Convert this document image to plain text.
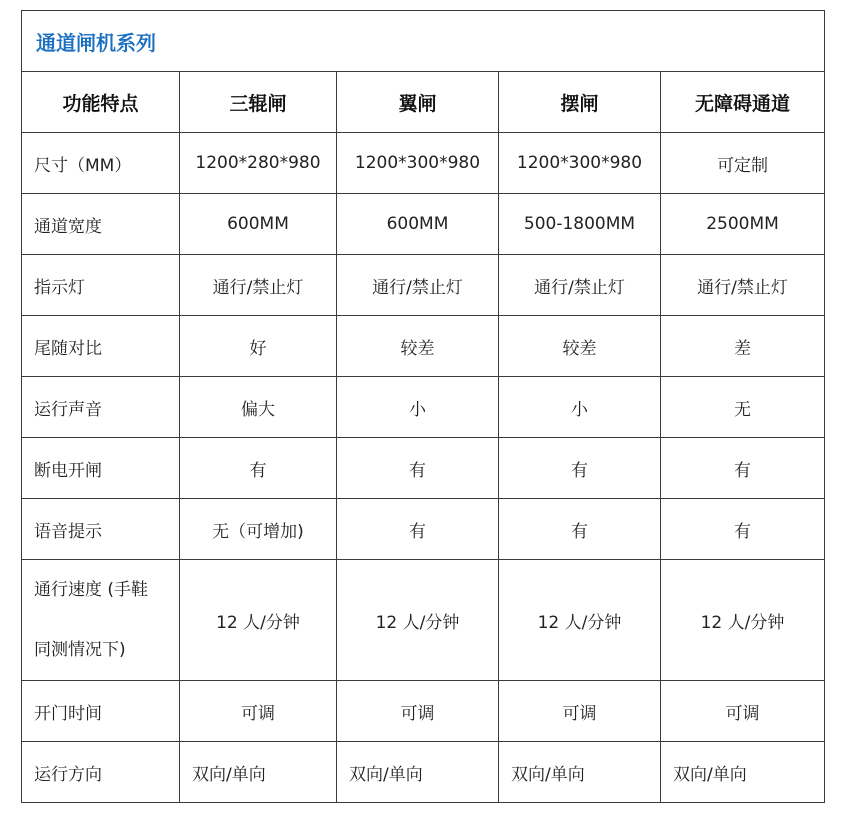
通道闸机系列				
功能特点	三辊闸	翼闸	摆闸	无障碍通道
尺寸（MM）	1200*280*980	1200*300*980	1200*300*980	可定制
通道宽度	600MM	600MM	500-1800MM	2500MM
指示灯	通行/禁止灯	通行/禁止灯	通行/禁止灯	通行/禁止灯
尾随对比	好	较差	较差	差
运行声音	偏大	小	小	无
断电开闸	有	有	有	有
语音提示	无（可增加)	有	有	有

通行速度 (手鞋
同测情况下)	12 人/分钟	12 人/分钟	12 人/分钟	12 人/分钟
开门时间	可调	可调	可调	可调
运行方向	双向/单向	双向/单向	双向/单向	双向/单向
